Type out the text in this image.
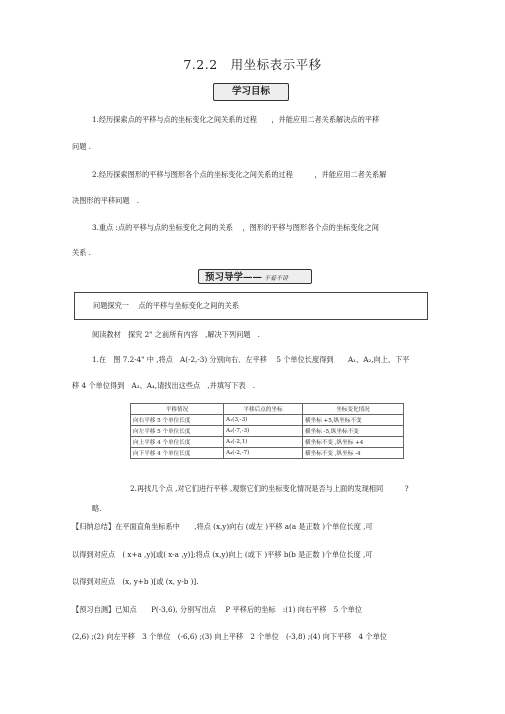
7.2.2　用坐标表示平移
学习目标
1.经历探索点的平移与点的坐标变化之间关系的过程　　，并能应用二者关系解决点的平移
问题 .
2.经历探索图形的平移与图形各个点的坐标变化之间关系的过程　　　，并能应用二者关系解
决图形的平移问题　.
3.重点 :点的平移与点的坐标变化之间的关系　 ，图形的平移与图形各个点的坐标变化之间
关系 .
预习导学—— 不看不讲
问题探究一　 点的平移与坐标变化之间的关系
阅读教材　探究 2" 之前所有内容　,解决下列问题　.
1.在　图 7.2-4" 中 ,将点　A(-2,-3) 分别向右、左平移　 5 个单位长度得到　　A₁、A₂,向上、下平
移 4 个单位得到　A₃、A₄,请找出这些点　,并填写下表　.
平移情况	平移后点的坐标	坐标变化情况
向右平移 5 个单位长度	A₁(3,-3)	横坐标 +5,纵坐标不变
向左平移 5 个单位长度	A₂(-7,-3)	横坐标 -5,纵坐标不变
向上平移 4 个单位长度	A₃(-2,1)	横坐标不变 ,纵坐标 +4
向下平移 4 个单位长度	A₄(-2,-7)	横坐标不变 ,纵坐标 -4
2.再找几个点 ,对它们进行平移 ,观察它们的坐标变化情况是否与上面的发现相同　　　?
略.
【归纳总结】在平面直角坐标系中　　,将点 (x,y)向右 (或左 )平移 a(a 是正数 )个单位长度 ,可
以得到对应点　( x+a ,y)[或( x-a ,y)];将点 (x,y)向上 (或下 )平移 b(b 是正数 )个单位长度 ,可
以得到对应点　(x, y+b )[或 (x, y-b )].
【预习自测】已知点　　P(-3,6), 分别写出点　 P 平移后的坐标　:(1) 向右平移　5 个单位
(2,6) ;(2) 向左平移　3 个单位　(-6,6) ;(3) 向上平移　2 个单位　(-3,8) ;(4) 向下平移　4 个单位
